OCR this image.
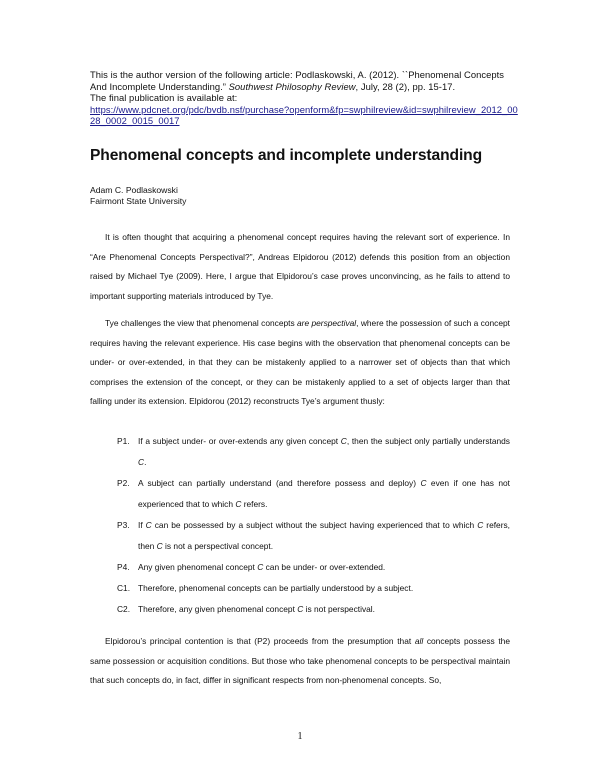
This is the author version of the following article: Podlaskowski, A. (2012). ``Phenomenal Concepts And Incomplete Understanding.” Southwest Philosophy Review, July, 28 (2), pp. 15-17.
The final publication is available at:
https://www.pdcnet.org/pdc/bvdb.nsf/purchase?openform&fp=swphilreview&id=swphilreview_2012_0028_0002_0015_0017
Phenomenal concepts and incomplete understanding
Adam C. Podlaskowski
Fairmont State University

It is often thought that acquiring a phenomenal concept requires having the relevant sort of experience. In “Are Phenomenal Concepts Perspectival?”, Andreas Elpidorou (2012) defends this position from an objection raised by Michael Tye (2009). Here, I argue that Elpidorou’s case proves unconvincing, as he fails to attend to important supporting materials introduced by Tye.

Tye challenges the view that phenomenal concepts are perspectival, where the possession of such a concept requires having the relevant experience. His case begins with the observation that phenomenal concepts can be under- or over-extended, in that they can be mistakenly applied to a narrower set of objects than that which comprises the extension of the concept, or they can be mistakenly applied to a set of objects larger than that falling under its extension. Elpidorou (2012) reconstructs Tye’s argument thusly:

P1.	If a subject under- or over-extends any given concept C, then the subject only partially understands C.
P2.	A subject can partially understand (and therefore possess and deploy) C even if one has not experienced that to which C refers.
P3.	If C can be possessed by a subject without the subject having experienced that to which C refers, then C is not a perspectival concept.
P4.	Any given phenomenal concept C can be under- or over-extended.
C1. Therefore, phenomenal concepts can be partially understood by a subject.
C2. Therefore, any given phenomenal concept C is not perspectival.

Elpidorou’s principal contention is that (P2) proceeds from the presumption that all concepts possess the same possession or acquisition conditions. But those who take phenomenal concepts to be perspectival maintain that such concepts do, in fact, differ in significant respects from non-phenomenal concepts. So,

1
